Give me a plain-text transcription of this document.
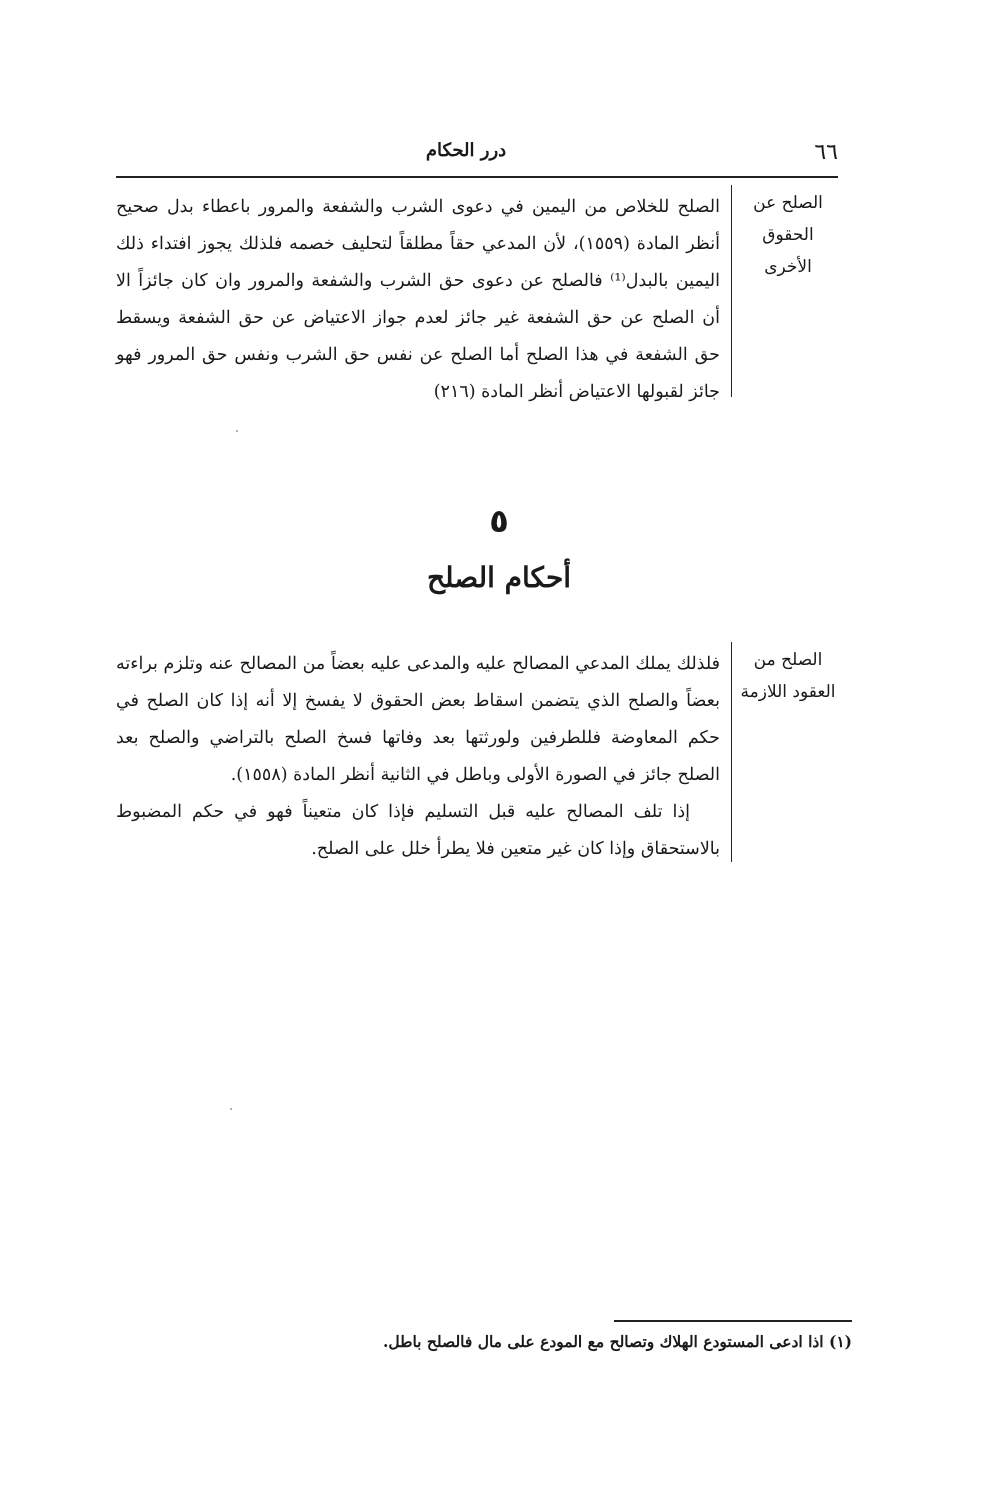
٦٦
درر الحكام
الصلح عن الحقوق الأخرى

الصلح للخلاص من اليمين في دعوى الشرب والشفعة والمرور باعطاء بدل صحيح أنظر المادة (١٥٥٩)، لأن المدعي حقاً مطلقاً لتحليف خصمه فلذلك يجوز افتداء ذلك اليمين بالبدل⁽¹⁾ فالصلح عن دعوى حق الشرب والشفعة والمرور وان كان جائزاً الا أن الصلح عن حق الشفعة غير جائز لعدم جواز الاعتياض عن حق الشفعة ويسقط حق الشفعة في هذا الصلح أما الصلح عن نفس حق الشرب ونفس حق المرور فهو جائز لقبولها الاعتياض أنظر المادة (٢١٦)

٥
أحكام الصلح
الصلح من العقود اللازمة

فلذلك يملك المدعي المصالح عليه والمدعى عليه بعضاً من المصالح عنه وتلزم براءته بعضاً والصلح الذي يتضمن اسقاط بعض الحقوق لا يفسخ إلا أنه إذا كان الصلح في حكم المعاوضة فللطرفين ولورثتها بعد وفاتها فسخ الصلح بالتراضي والصلح بعد الصلح جائز في الصورة الأولى وباطل في الثانية أنظر المادة (١٥٥٨).

إذا تلف المصالح عليه قبل التسليم فإذا كان متعيناً فهو في حكم المضبوط بالاستحقاق وإذا كان غير متعين فلا يطرأ خلل على الصلح.

(١) اذا ادعى المستودع الهلاك وتصالح مع المودع على مال فالصلح باطل.
